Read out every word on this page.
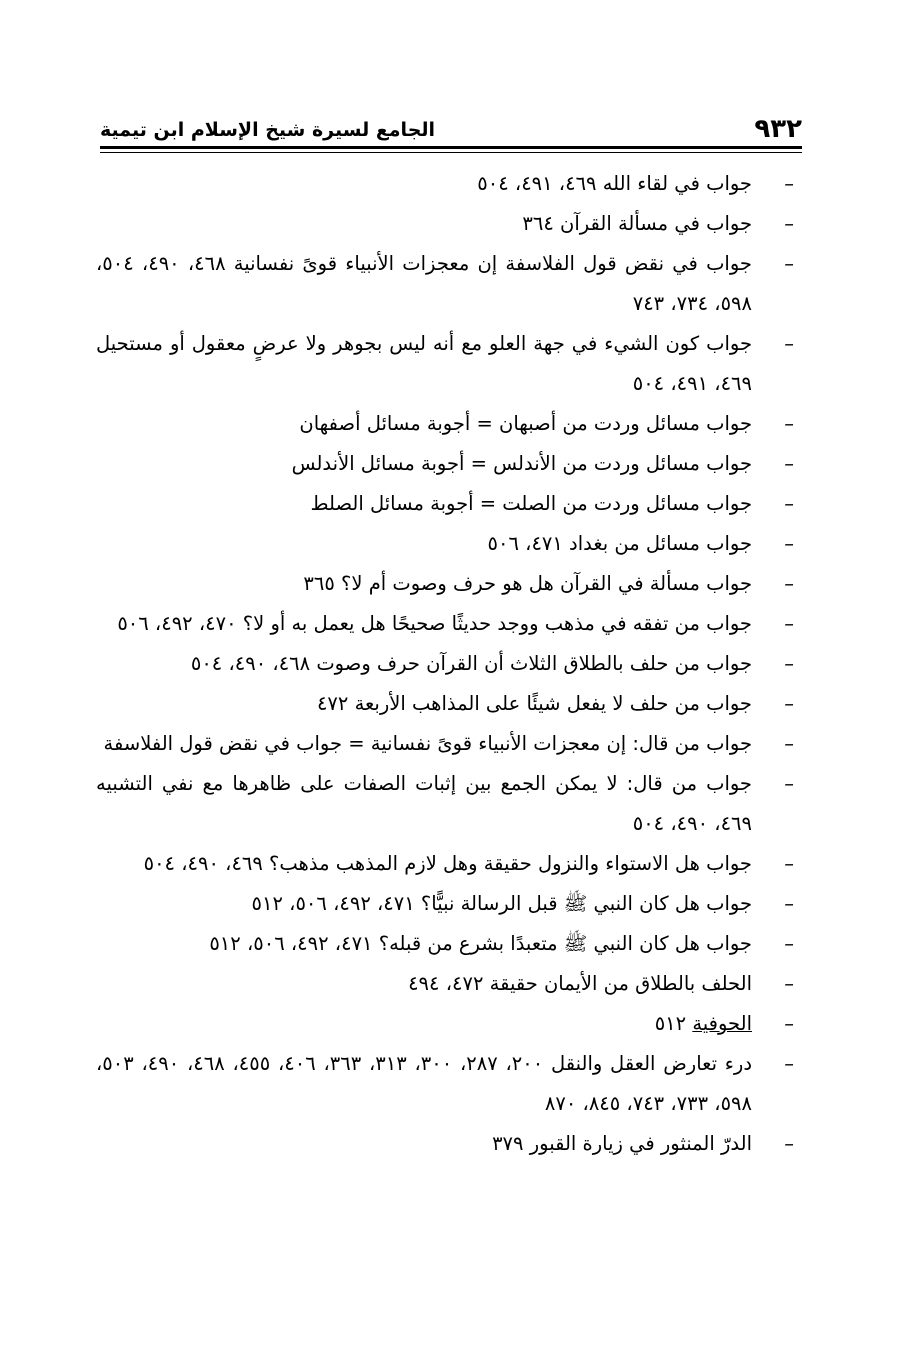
٩٣٢
الجامع لسيرة شيخ الإسلام ابن تيمية
–
جواب في لقاء الله ٤٦٩، ٤٩١، ٥٠٤
–
جواب في مسألة القرآن ٣٦٤
–
جواب في نقض قول الفلاسفة إن معجزات الأنبياء قوىً نفسانية ٤٦٨، ٤٩٠، ٥٠٤، ٥٩٨، ٧٣٤، ٧٤٣
–
جواب كون الشيء في جهة العلو مع أنه ليس بجوهر ولا عرضٍ معقول أو مستحيل ٤٦٩، ٤٩١، ٥٠٤
–
جواب مسائل وردت من أصبهان = أجوبة مسائل أصفهان
–
جواب مسائل وردت من الأندلس = أجوبة مسائل الأندلس
–
جواب مسائل وردت من الصلت = أجوبة مسائل الصلط
–
جواب مسائل من بغداد ٤٧١، ٥٠٦
–
جواب مسألة في القرآن هل هو حرف وصوت أم لا؟ ٣٦٥
–
جواب من تفقه في مذهب ووجد حديثًا صحيحًا هل يعمل به أو لا؟ ٤٧٠، ٤٩٢، ٥٠٦
–
جواب من حلف بالطلاق الثلاث أن القرآن حرف وصوت ٤٦٨، ٤٩٠، ٥٠٤
–
جواب من حلف لا يفعل شيئًا على المذاهب الأربعة ٤٧٢
–
جواب من قال: إن معجزات الأنبياء قوىً نفسانية = جواب في نقض قول الفلاسفة
–
جواب من قال: لا يمكن الجمع بين إثبات الصفات على ظاهرها مع نفي التشبيه ٤٦٩، ٤٩٠، ٥٠٤
–
جواب هل الاستواء والنزول حقيقة وهل لازم المذهب مذهب؟ ٤٦٩، ٤٩٠، ٥٠٤
–
جواب هل كان النبي ﷺ قبل الرسالة نبيًّا؟ ٤٧١، ٤٩٢، ٥٠٦، ٥١٢
–
جواب هل كان النبي ﷺ متعبدًا بشرع من قبله؟ ٤٧١، ٤٩٢، ٥٠٦، ٥١٢
–
الحلف بالطلاق من الأيمان حقيقة ٤٧٢، ٤٩٤
–
الحوفية ٥١٢
–
درء تعارض العقل والنقل ٢٠٠، ٢٨٧، ٣٠٠، ٣١٣، ٣٦٣، ٤٠٦، ٤٥٥، ٤٦٨، ٤٩٠، ٥٠٣، ٥٩٨، ٧٣٣، ٧٤٣، ٨٤٥، ٨٧٠
–
الدرّ المنثور في زيارة القبور ٣٧٩
